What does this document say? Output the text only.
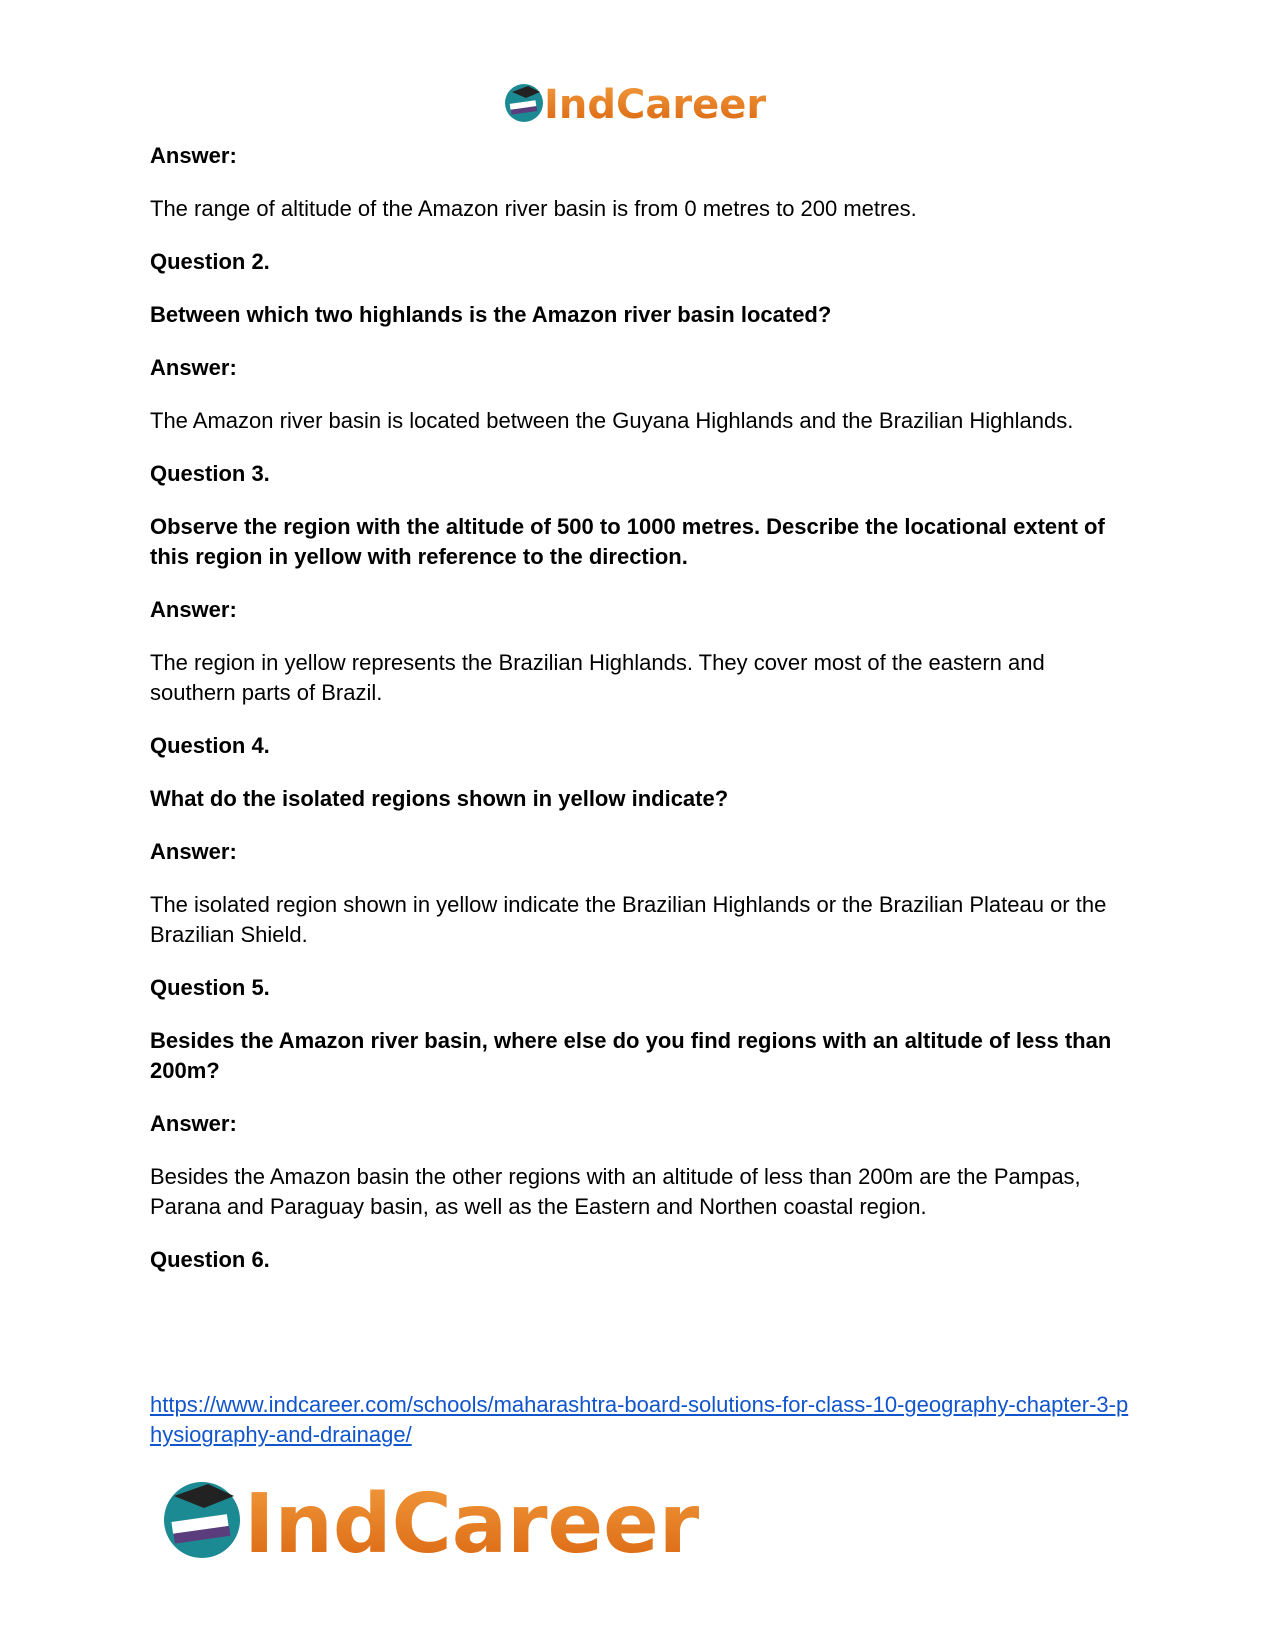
IndCareer

Answer:

The range of altitude of the Amazon river basin is from 0 metres to 200 metres.

Question 2.

Between which two highlands is the Amazon river basin located?

Answer:

The Amazon river basin is located between the Guyana Highlands and the Brazilian Highlands.

Question 3.

Observe the region with the altitude of 500 to 1000 metres. Describe the locational extent of this region in yellow with reference to the direction.

Answer:

The region in yellow represents the Brazilian Highlands. They cover most of the eastern and southern parts of Brazil.

Question 4.

What do the isolated regions shown in yellow indicate?

Answer:

The isolated region shown in yellow indicate the Brazilian Highlands or the Brazilian Plateau or the Brazilian Shield.

Question 5.

Besides the Amazon river basin, where else do you find regions with an altitude of less than 200m?

Answer:

Besides the Amazon basin the other regions with an altitude of less than 200m are the Pampas, Parana and Paraguay basin, as well as the Eastern and Northen coastal region.

Question 6.

https://www.indcareer.com/schools/maharashtra-board-solutions-for-class-10-geography-chapter-3-physiography-and-drainage/
IndCareer
